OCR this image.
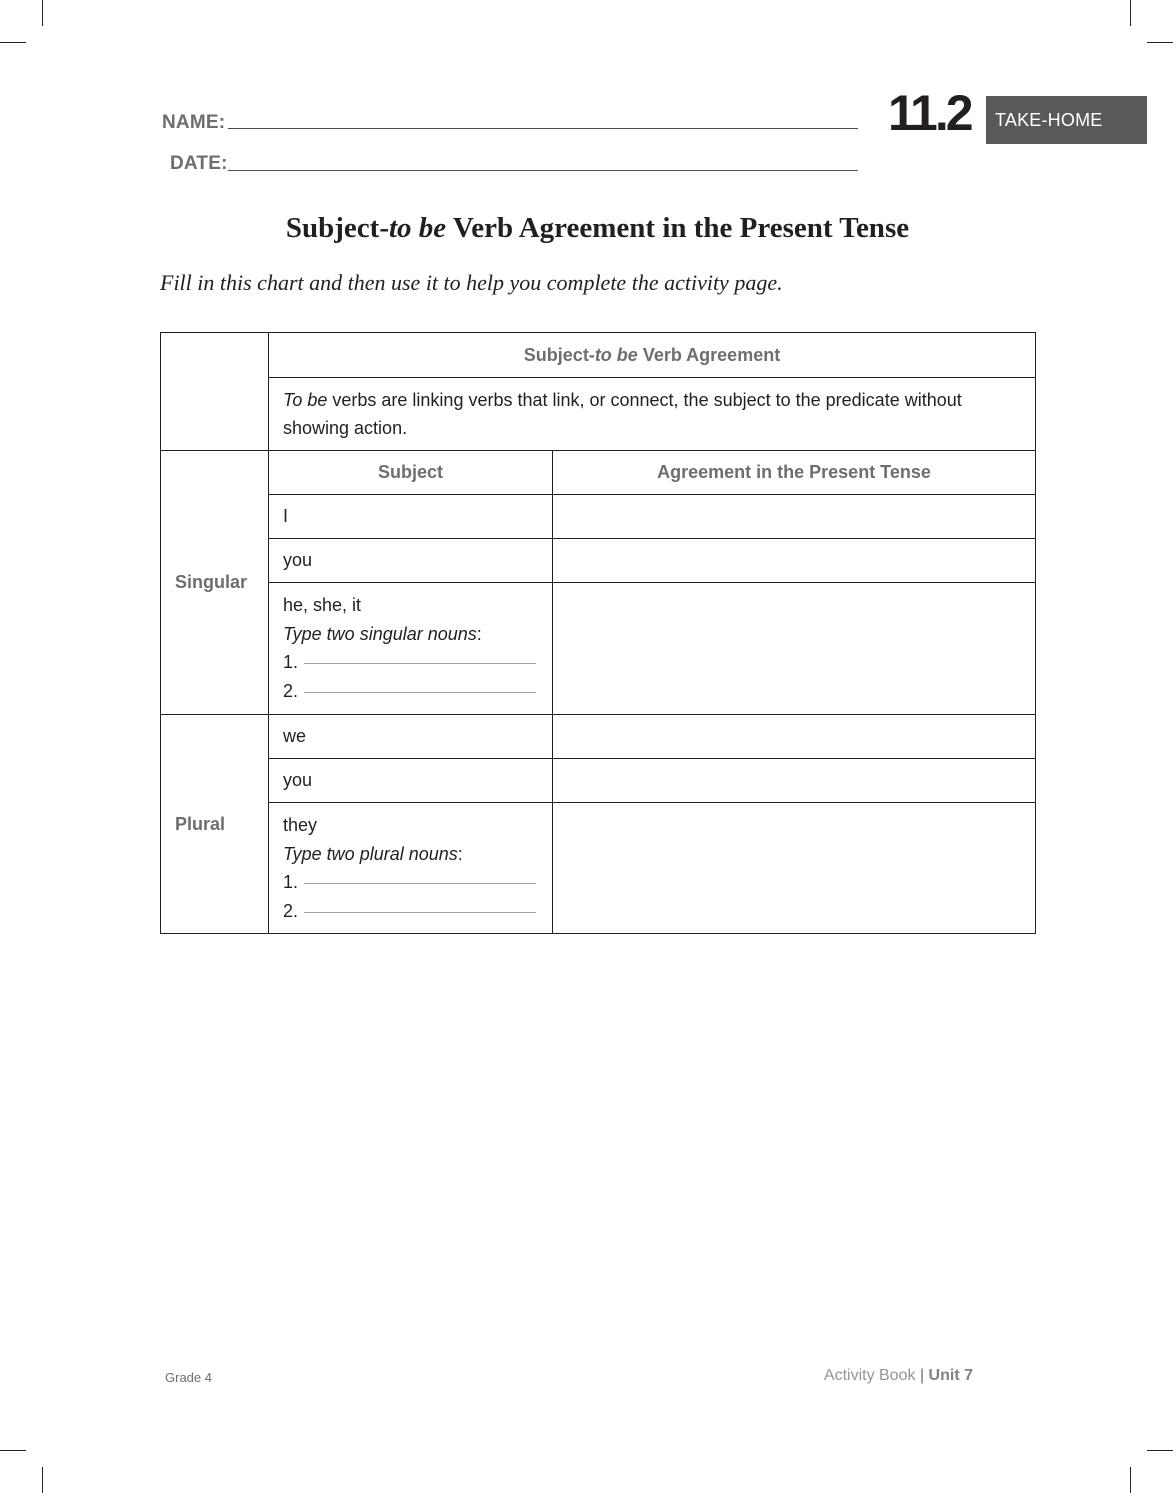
NAME:
DATE:
11.2	TAKE-HOME
Subject-to be Verb Agreement in the Present Tense
Fill in this chart and then use it to help you complete the activity page.
	Subject-to be Verb Agreement	
	To be verbs are linking verbs that link, or connect, the subject to the predicate without showing action.	
Singular	Subject	Agreement in the Present Tense
	I	
	you	

	he, she, it
Type two singular nouns:
1.
2.	

Plural	we	
	you	

	they
Type two plural nouns:
1.
2.	

Grade 4	Activity Book | Unit 7
